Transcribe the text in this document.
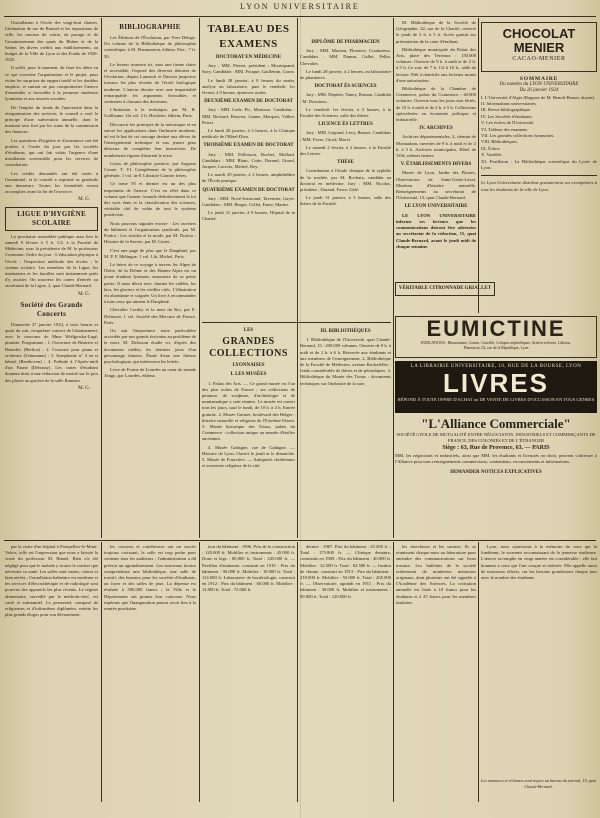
LYON UNIVERSITAIRE

l'installation à l'école des vingt-huit chaises, l'aliénation de rue de Bonnel et les réparations de ville, les travaux de voirie, de pavage et de l'assainissement des quais du Rhône et de la Saône, les divers crédits aux établissements, au budget de la Ville de Lyon et des Fonds de 1926-1925.

Il suffit, pour le moment, de fixer les idées en ce qui concerne l'organisation et le projet, pour éviter les surprises du rapport tardif et les doubles emplois, et surtout ne pas compromettre l'œuvre d'ensemble si favorable à la jeunesse studieuse lyonnaise et aux œuvres sociales.

De l'emploi du fonds de l'université dans la réorganisation des services, le conseil a voté le principe d'une subvention annuelle, dont le montant sera fixé par les soins de la commission des finances.

Les questions d'hygiène et d'assistance ont été portées à l'ordre du jour par les sociétés d'étudiants, qui ont fait valoir l'urgence d'une installation convenable pour les services de consultation.

Les crédits demandés ont été votés à l'unanimité, et le conseil a exprimé sa gratitude aux donateurs. Toutes les formalités seront accomplies avant la fin de l'exercice.

M. G.
LIGUE D'HYGIÈNE SCOLAIRE

La prochaine assemblée publique aura lieu le samedi 9 février à 5 h. 1/2, à la Faculté de Médecine, sous la présidence de M. le professeur Courmont. Ordre du jour : L'éducation physique à l'école ; l'inspection médicale des écoles ; le cinéma scolaire. Les membres de la Ligue, les instituteurs et les familles sont instamment priés d'y assister. On trouvera les cartes d'entrée au secrétariat de la Ligue, 2, quai Claude-Bernard.

M. G.
Société des Grands Concerts

Dimanche 27 janvier 1924, à trois heures et quart du soir, cinquième concert de l'abonnement, avec le concours de Mme Wiélgorska-Lagé, pianiste. Programme : 1. Ouverture de Béatrice et Benedict (Berlioz) ; 2. Concerto pour piano et orchestre (Schumann) ; 3. Symphonie n° 4 en si bémol (Beethoven) ; 4. Prélude à l'Après-midi d'un Faune (Debussy). Les cartes d'étudiant donnent droit à une réduction de moitié sur le prix des places au guichet de la salle Rameau.

M. G.
BIBLIOGRAPHIE

Les Éditions de l'Évolution, par Yves Delage. Un volume de la Bibliothèque de philosophie scientifique, à M. Flammarion, éditeur. Prix : 7 fr. 50.

Le lecteur trouvera ici, sous une forme claire et accessible, l'exposé des diverses théories de l'évolution, depuis Lamarck et Darwin jusqu'aux travaux les plus récents de l'école biologique moderne. L'auteur discute avec une impartialité remarquable les arguments favorables et contraires à chacune des doctrines.

L'Initiation à la technique, par M. R. Guillaume. Un vol. 2 fr. Hachette, éditeur, Paris.

Découvrir les principes de la mécanique et en suivre les applications dans l'industrie moderne, tel est le but de cet ouvrage destiné aux élèves de l'enseignement technique et aux jeunes gens désireux de compléter leur instruction. De nombreuses figures illustrent le texte.

Cours de philosophie positive, par Auguste Comte. T. VI. Complément de la philosophie générale. 1 vol. in-8. Librairie Garnier frères.

Ce tome VI et dernier est un des plus importants de l'œuvre. C'est en effet dans ce volume que l'auteur formule définitivement la loi des trois états et la classification des sciences, véritable clef de voûte de tout le système positiviste.

Nous pouvons signaler encore : Les ouvriers du bâtiment et l'organisation syndicale, par M. Poulot ; Les textiles et la mode, par M. Dufour ; Histoire de la Savoie, par M. Curtet.

C'est une page de plus que le Dauphiné, par M. P. F. Mélingue. 1 vol. Lib. Michel, Paris.

Le héros de ce voyage à travers les Alpes de l'Isère, de la Drôme et des Hautes-Alpes est un jeune étudiant lyonnais, amoureux de sa petite patrie. Il nous décrit avec charme les vallées, les lacs, les glaciers et les vieilles cités. L'illustration est abondante et soignée. Un livre à recommander à tous ceux qui aiment le Dauphiné.

Chevalier Cordey et la mort du Roi, par E. Delasson. 1 vol. Société des Mercure de France, Paris.

On sait l'importance toute particulière accordée par nos grands écrivains au problème de la mort. M. Delasson étudie ici, d'après des documents inédits, les derniers jours d'un personnage fameux. Étude d'une rare finesse psychologique, qui intéressera les lettrés.

Livre de Forme de Lourdes au cœur de monde Arago, par Lourdes, éditeur.

TABLEAU DES EXAMENS
DOCTORAT EN MÉDECINE

Jury : MM. Pierret, président ; Mouriquand, Savy. Candidats : MM. Fouque, Guillemin, Caron.

Le lundi 28 janvier, à 8 heures du matin, analyse au laboratoire, puis le vendredi 1er février, à 9 heures, épreuves orales.

DEUXIÈME EXAMEN DE DOCTORAT

Jury : MM. Cade, Pic, Mouisset. Candidats : MM. Richard, Bouvier, Ganne, Marquet, Vallier, Perret.

Le lundi 28 janvier, à 3 heures, à la Clinique médicale de l'Hôtel-Dieu.

TROISIÈME EXAMEN DE DOCTORAT

Jury : MM. Pollosson, Rochet, Mollard. Candidats : MM. Blanc, Cotte, Durand, Girard, Jacquet, Lacroix, Michel, Rey.

Le mardi 29 janvier, à 2 heures, amphithéâtre de l'École pratique.

QUATRIÈME EXAMEN DE DOCTORAT

Jury : MM. Nové-Josserand, Tavernier, Gayet. Candidats : MM. Berger, Collet, Faure, Martin.

Le jeudi 31 janvier, à 9 heures, Hôpital de la Charité.

DIPLÔME DE PHARMACIEN

Jury : MM. Moreau, Florence, Couturieux. Candidats : MM. Dumas, Gallet, Pellet, Chevalier.

Le lundi 28 janvier, à 2 heures, au laboratoire de pharmacie.

DOCTORAT ÈS SCIENCES

Jury : MM. Depéret, Vaney, Roman. Candidat : M. Doncieux.

Le vendredi 1er février, à 3 heures, à la Faculté des Sciences, salle des thèses.

LICENCE ÈS LETTRES

Jury : MM. Legrand, Lévy, Brunot. Candidats : MM. Favre, Girod, Morel.

Le samedi 2 février, à 2 heures, à la Faculté des Lettres.

THÈSE

Contribution à l'étude clinique de la syphilis de la trachée, par M. Rochaix, candidat au doctorat en médecine. Jury : MM. Nicolas, président ; Durand, Favre, Gâté.

Le jeudi 31 janvier, à 5 heures, salle des thèses de la Faculté.

LES
GRANDES COLLECTIONS
LYONNAISES
I. LES MUSÉES

1. Palais des Arts. — Ce grand musée est l'un des plus riches de France ; ses collections de peinture, de sculpture, d'archéologie et de numismatique y sont réunies. Le musée est ouvert tous les jours, sauf le lundi, de 10 h. à 4 h. Entrée gratuite. 2. Musée Guimet, boulevard des Belges : histoire naturelle et religions de l'Extrême-Orient. 3. Musée historique des Tissus, palais du Commerce : collection unique au monde d'étoffes anciennes.

4. Musée Gadagne, rue de Gadagne. — Histoire de Lyon. Ouvert le jeudi et le dimanche. 5. Musée de Fourvière. — Antiquités chrétiennes et souvenirs religieux de la cité.

III. BIBLIOTHÈQUES

1. Bibliothèque de l'Université, quai Claude-Bernard, 15 : 200.000 volumes. Ouverte de 9 h. à midi et de 2 h. à 6 h. Réservée aux étudiants et aux membres de l'enseignement. 2. Bibliothèque de la Faculté de Médecine, avenue Rockefeller : fonds considérable de thèses et de périodiques. 3. Bibliothèque du Musée des Tissus : documents techniques sur l'industrie de la soie.

M. Bibliothèque de la Société de Géographie, 22, rue de la Charité, ouverte le jeudi de 2 h. à 5 h. Accès gratuit sur présentation de la carte d'étudiant.

Bibliothèque municipale du Palais des Arts, place des Terreaux : 150.000 volumes. Ouverte de 9 h. à midi et de 2 h. à 5 h. Le soir, de 7 h. 1/2 à 10 h., salle de lecture. Prêt à domicile aux lecteurs munis d'une autorisation.

Bibliothèque de la Chambre de Commerce, palais du Commerce : 40.000 volumes. Ouverte tous les jours non fériés, de 10 h. à midi et de 2 h. à 5 h. Collections spécialisées en économie politique et industrielle.

IV. ARCHIVES

Archives départementales, 2, chemin de Montauban, ouvertes de 9 h. à midi et de 2 h. à 5 h. Archives municipales, Hôtel de Ville, mêmes heures.

V. ÉTABLISSEMENTS DIVERS

Musée de Lyon, Jardin des Plantes, Observatoire de Saint-Genis-Laval, Muséum d'histoire naturelle. Renseignements au secrétariat de l'Université, 15, quai Claude-Bernard.

LE LYON UNIVERSITAIRE

LE LYON UNIVERSITAIRE informe ses lecteurs que les communications doivent être adressées au secrétariat de la rédaction, 15, quai Claude-Bernard, avant le jeudi midi de chaque semaine.

VÉRITABLE CITRONNADE GRIALLET
CHOCOLAT
MENIER
CACAO-MENIER
SOMMAIRE
Du numéro du LYON UNIVERSITAIRE
Du 26 janvier 1924
I. L'Université d'Alger (Rapport de M. Benoît-Barnet, doyen).
II. Informations universitaires.
III. Revue bibliographique.
IV. Les Sociétés d'étudiants.
V. Les écoles de l'Université.
VI. Tableau des examens.
VII. Les grandes collections lyonnaises.
VIII. Bibliothèques.
IX. Échos.
X. Variétés.
XI. Feuilleton : La Bibliothèque scientifique du Lycée de Lyon.

Le Lyon Universitaire distribue gratuitement ses exemplaires à tous les étudiants de la ville de Lyon.

EUMICTINE
INDICATIONS : Rhumatisme, Goutte, Gravelle, Coliques néphrétiques, Artério-sclérose, Lithiase.
Pharmacie, 52, rue de la République, Lyon
LA LIBRAIRIE UNIVERSITAIRE, 10, RUE DE LA BOURSE, LYON
LIVRES
RÉPOND À TOUTE OFFRE D'ACHAT ou DE VENTE DE LIVRES D'OCCASION EN TOUS GENRES
"L'Alliance Commerciale"
SOCIÉTÉ CIVILE DE MUTUALITÉ ENTRE NÉGOCIANTS, INDUSTRIELS ET COMMERÇANTS DE FRANCE, DES COLONIES ET DE L'ÉTRANGER
Siège : 63, Rue de Provence, 63. — PARIS
MM. les négociants et industriels, ainsi que MM. les étudiants et licenciés en droit, peuvent s'adresser à l'Alliance pour tous renseignements commerciaux, contentieux, recouvrements et informations.
DEMANDER NOTICES EXPLICATIVES

par la visite d'un hôpital à Pontpellier-le-Mont-Valois, telle est l'impression que nous a laissée la visite du professeur M. Hœnel. Rien n'a été négligé pour que le malade y trouve le confort que nécessite sa santé. Les salles sont vastes, claires et bien aérées ; l'installation balnéaire est moderne et les services d'électrothérapie et de radiologie sont pourvus des appareils les plus récents. Le régime alimentaire, surveillé par le médecin-chef, est varié et substantiel. Le personnel, composé de religieuses et d'infirmières diplômées, mérite les plus grands éloges pour son dévouement.

les concerts et conférences ont un succès toujours croissant, la salle est trop petite pour contenir tous les auditeurs ; l'administration a dû prévoir un agrandissement. Les nouveaux locaux comprendront une bibliothèque, une salle de travail, des bureaux pour les sociétés d'étudiants, un foyer et des salles de jeux. La dépense est évaluée à 500.000 francs ; la Ville et le Département ont promis leur concours. Nous espérons que l'inauguration pourra avoir lieu à la rentrée prochaine.

tion du bâtiment : 1906. Prix de la construction : 120.000 fr. Mobilier et instruments : 45.000 fr. Dons et legs : 80.000 fr. Total : 245.000 fr. — Pavillon d'anatomie, construit en 1910 : Prix du bâtiment : 96.000 fr. Mobilier : 18.000 fr. Total : 114.000 fr. Laboratoire de bactériologie, construit en 1912 : Prix du bâtiment : 60.000 fr. Mobilier : 12.000 fr. Total : 72.000 fr.

dernier : 1907. Prix du bâtiment : 25.500 fr. ; Total : 175.800 fr. — Clinique dentaire, construite en 1909 : Prix du bâtiment : 40.000 fr. Mobilier : 22.500 fr. Total : 62.500 fr. — Institut de chimie, construit en 1913 : Prix du bâtiment : 210.000 fr. Mobilier : 55.000 fr. Total : 265.000 fr. — Observatoire, agrandi en 1911 : Prix du bâtiment : 30.000 fr. Mobilier et instruments : 90.000 fr. Total : 120.000 fr.

les chercheurs et les savants. Ils se réunissent chaque mois au laboratoire pour entendre des communications sur leurs travaux. Les bulletins de la société renferment de nombreux mémoires originaux, dont plusieurs ont été signalés à l'Académie des Sciences. La cotisation annuelle est fixée à 10 francs pour les étudiants et à 25 francs pour les membres titulaires.

Lyon, nous ajouterons à la mémoire de ceux qui la fondèrent, le souvenir reconnaissant de la jeunesse studieuse. L'œuvre accomplie en vingt années est considérable ; elle fait honneur à ceux qui l'ont conçue et réalisée. Elle appelle aussi de nouveaux efforts, car les besoins grandissent chaque jour avec le nombre des étudiants.

Les annonces et réclames sont reçues au bureau du journal, 15, quai Claude-Bernard.
